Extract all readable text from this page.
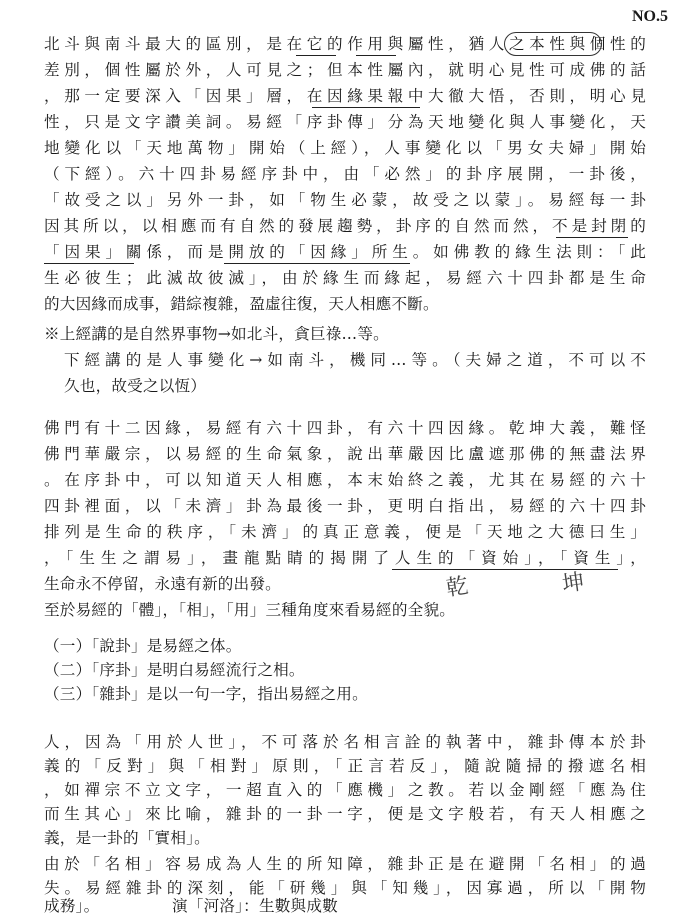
NO.5
北斗與南斗最大的區別，是在它的作用與屬性，猶人之本性與個性的
差別，個性屬於外，人可見之；但本性屬內，就明心見性可成佛的話
，那一定要深入「因果」層，在因緣果報中大徹大悟，否則，明心見
性，只是文字讚美詞。易經「序卦傳」分為天地變化與人事變化，天
地變化以「天地萬物」開始（上經），人事變化以「男女夫婦」開始
（下經）。六十四卦易經序卦中，由「必然」的卦序展開，一卦後，
「故受之以」另外一卦，如「物生必蒙，故受之以蒙」。易經每一卦
因其所以，以相應而有自然的發展趨勢，卦序的自然而然，不是封閉的
「因果」關係，而是開放的「因緣」所生。如佛教的緣生法則：「此
生必彼生；此滅故彼滅」，由於緣生而緣起，易經六十四卦都是生命
的大因緣而成事，錯綜複雜，盈虛往復，天人相應不斷。
※上經講的是自然界事物→如北斗，貪巨祿…等。
下經講的是人事變化→如南斗，機同…等。（夫婦之道，不可以不
久也，故受之以恆）
佛門有十二因緣，易經有六十四卦，有六十四因緣。乾坤大義，難怪
佛門華嚴宗，以易經的生命氣象，說出華嚴因比盧遮那佛的無盡法界
。在序卦中，可以知道天人相應，本末始終之義，尤其在易經的六十
四卦裡面，以「未濟」卦為最後一卦，更明白指出，易經的六十四卦
排列是生命的秩序，「未濟」的真正意義，便是「天地之大德曰生」
，「生生之謂易」，畫龍點睛的揭開了人生的「資始」，「資生」，
生命永不停留，永遠有新的出發。	乾	坤
至於易經的「體」，「相」，「用」三種角度來看易經的全貌。
（一）「說卦」是易經之体。
（二）「序卦」是明白易經流行之相。
（三）「雜卦」是以一句一字，指出易經之用。
人，因為「用於人世」，不可落於名相言詮的執著中，雜卦傳本於卦
義的「反對」與「相對」原則，「正言若反」，隨說隨掃的撥遮名相
，如禪宗不立文字，一超直入的「應機」之教。若以金剛經「應為住
而生其心」來比喻，雜卦的一卦一字，便是文字般若，有天人相應之
義，是一卦的「實相」。
由於「名相」容易成為人生的所知障，雜卦正是在避開「名相」的過
失。易經雜卦的深刻，能「研幾」與「知幾」，因寡過，所以「開物
成務」。	演「河洛」：生數與成數
